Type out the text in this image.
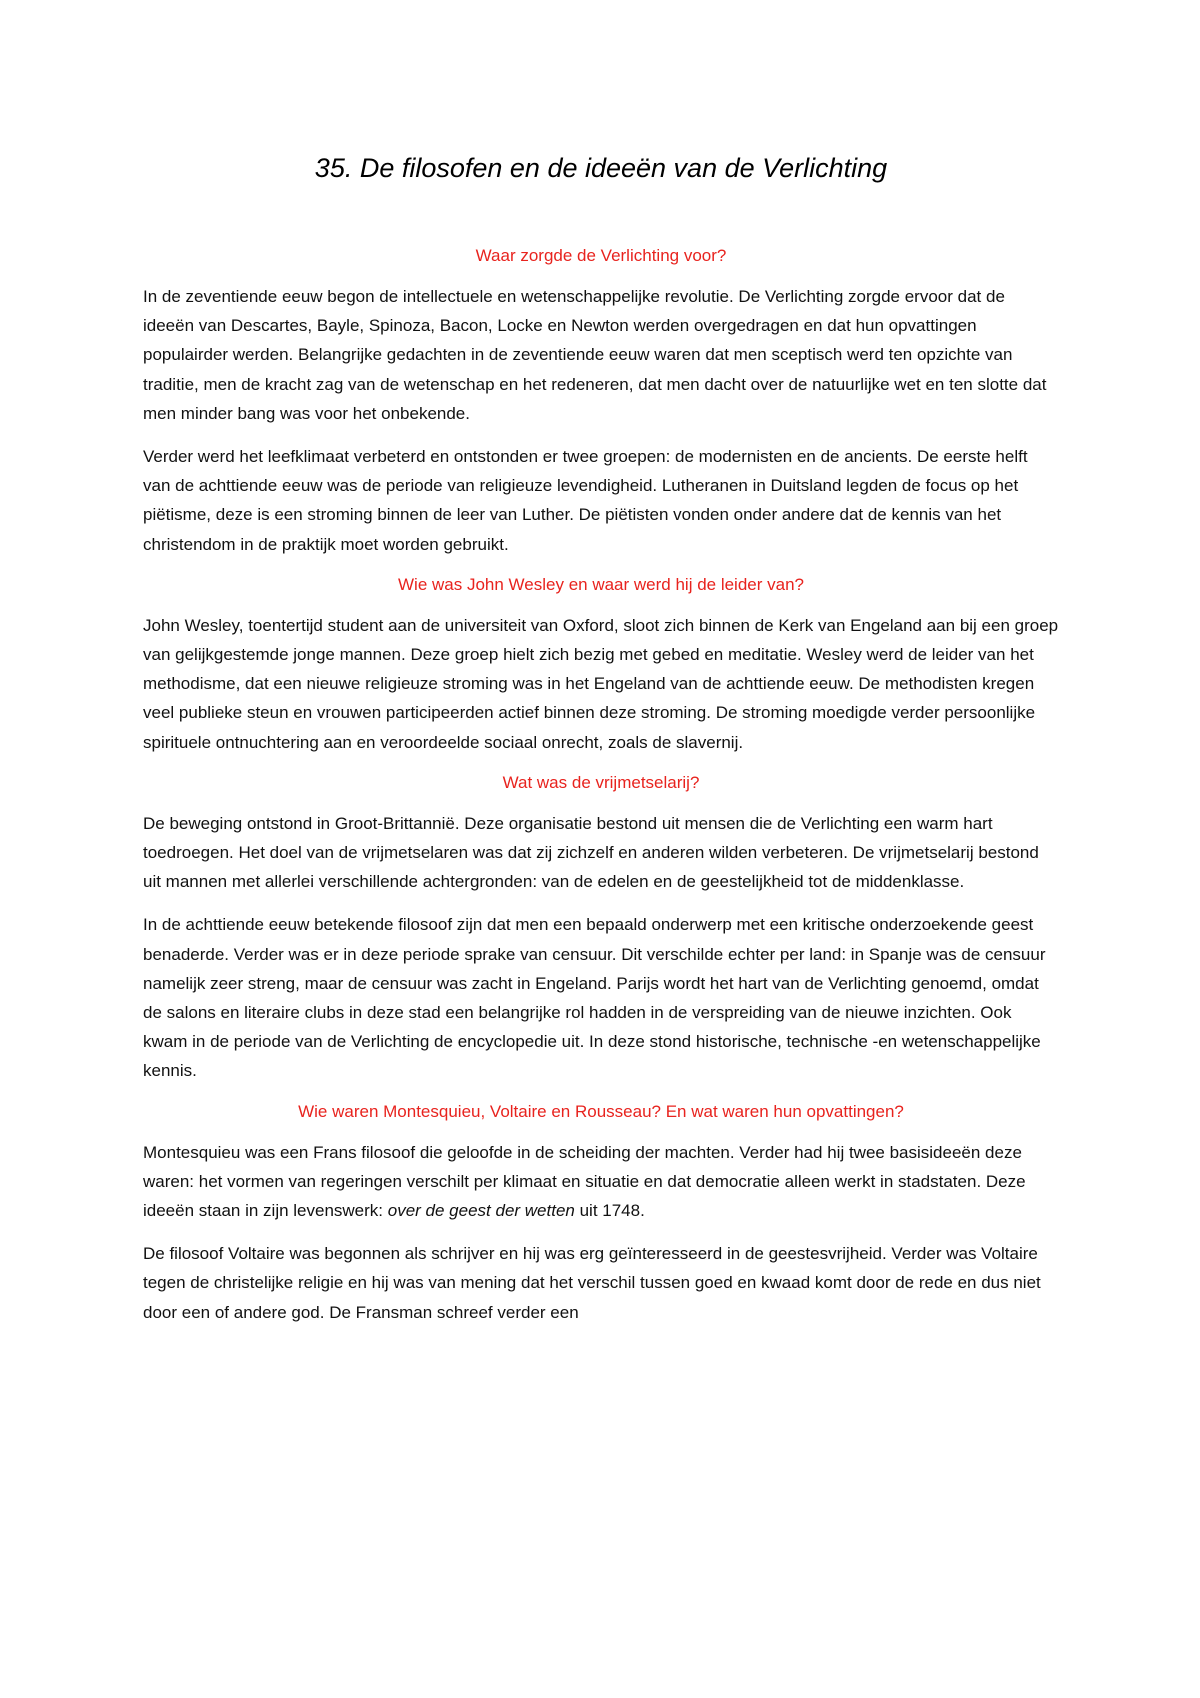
35. De filosofen en de ideeën van de Verlichting
Waar zorgde de Verlichting voor?

In de zeventiende eeuw begon de intellectuele en wetenschappelijke revolutie. De Verlichting zorgde ervoor dat de ideeën van Descartes, Bayle, Spinoza, Bacon, Locke en Newton werden overgedragen en dat hun opvattingen populairder werden. Belangrijke gedachten in de zeventiende eeuw waren dat men sceptisch werd ten opzichte van traditie, men de kracht zag van de wetenschap en het redeneren, dat men dacht over de natuurlijke wet en ten slotte dat men minder bang was voor het onbekende.

Verder werd het leefklimaat verbeterd en ontstonden er twee groepen: de modernisten en de ancients. De eerste helft van de achttiende eeuw was de periode van religieuze levendigheid. Lutheranen in Duitsland legden de focus op het piëtisme, deze is een stroming binnen de leer van Luther. De piëtisten vonden onder andere dat de kennis van het christendom in de praktijk moet worden gebruikt.

Wie was John Wesley en waar werd hij de leider van?

John Wesley, toentertijd student aan de universiteit van Oxford, sloot zich binnen de Kerk van Engeland aan bij een groep van gelijkgestemde jonge mannen. Deze groep hielt zich bezig met gebed en meditatie. Wesley werd de leider van het methodisme, dat een nieuwe religieuze stroming was in het Engeland van de achttiende eeuw. De methodisten kregen veel publieke steun en vrouwen participeerden actief binnen deze stroming. De stroming moedigde verder persoonlijke spirituele ontnuchtering aan en veroordeelde sociaal onrecht, zoals de slavernij.

Wat was de vrijmetselarij?

De beweging ontstond in Groot-Brittannië. Deze organisatie bestond uit mensen die de Verlichting een warm hart toedroegen. Het doel van de vrijmetselaren was dat zij zichzelf en anderen wilden verbeteren. De vrijmetselarij bestond uit mannen met allerlei verschillende achtergronden: van de edelen en de geestelijkheid tot de middenklasse.

In de achttiende eeuw betekende filosoof zijn dat men een bepaald onderwerp met een kritische onderzoekende geest benaderde. Verder was er in deze periode sprake van censuur. Dit verschilde echter per land: in Spanje was de censuur namelijk zeer streng, maar de censuur was zacht in Engeland. Parijs wordt het hart van de Verlichting genoemd, omdat de salons en literaire clubs in deze stad een belangrijke rol hadden in de verspreiding van de nieuwe inzichten. Ook kwam in de periode van de Verlichting de encyclopedie uit. In deze stond historische, technische -en wetenschappelijke kennis.

Wie waren Montesquieu, Voltaire en Rousseau? En wat waren hun opvattingen?

Montesquieu was een Frans filosoof die geloofde in de scheiding der machten. Verder had hij twee basisideeën deze waren: het vormen van regeringen verschilt per klimaat en situatie en dat democratie alleen werkt in stadstaten. Deze ideeën staan in zijn levenswerk: over de geest der wetten uit 1748.

De filosoof Voltaire was begonnen als schrijver en hij was erg geïnteresseerd in de geestesvrijheid. Verder was Voltaire tegen de christelijke religie en hij was van mening dat het verschil tussen goed en kwaad komt door de rede en dus niet door een of andere god. De Fransman schreef verder een
